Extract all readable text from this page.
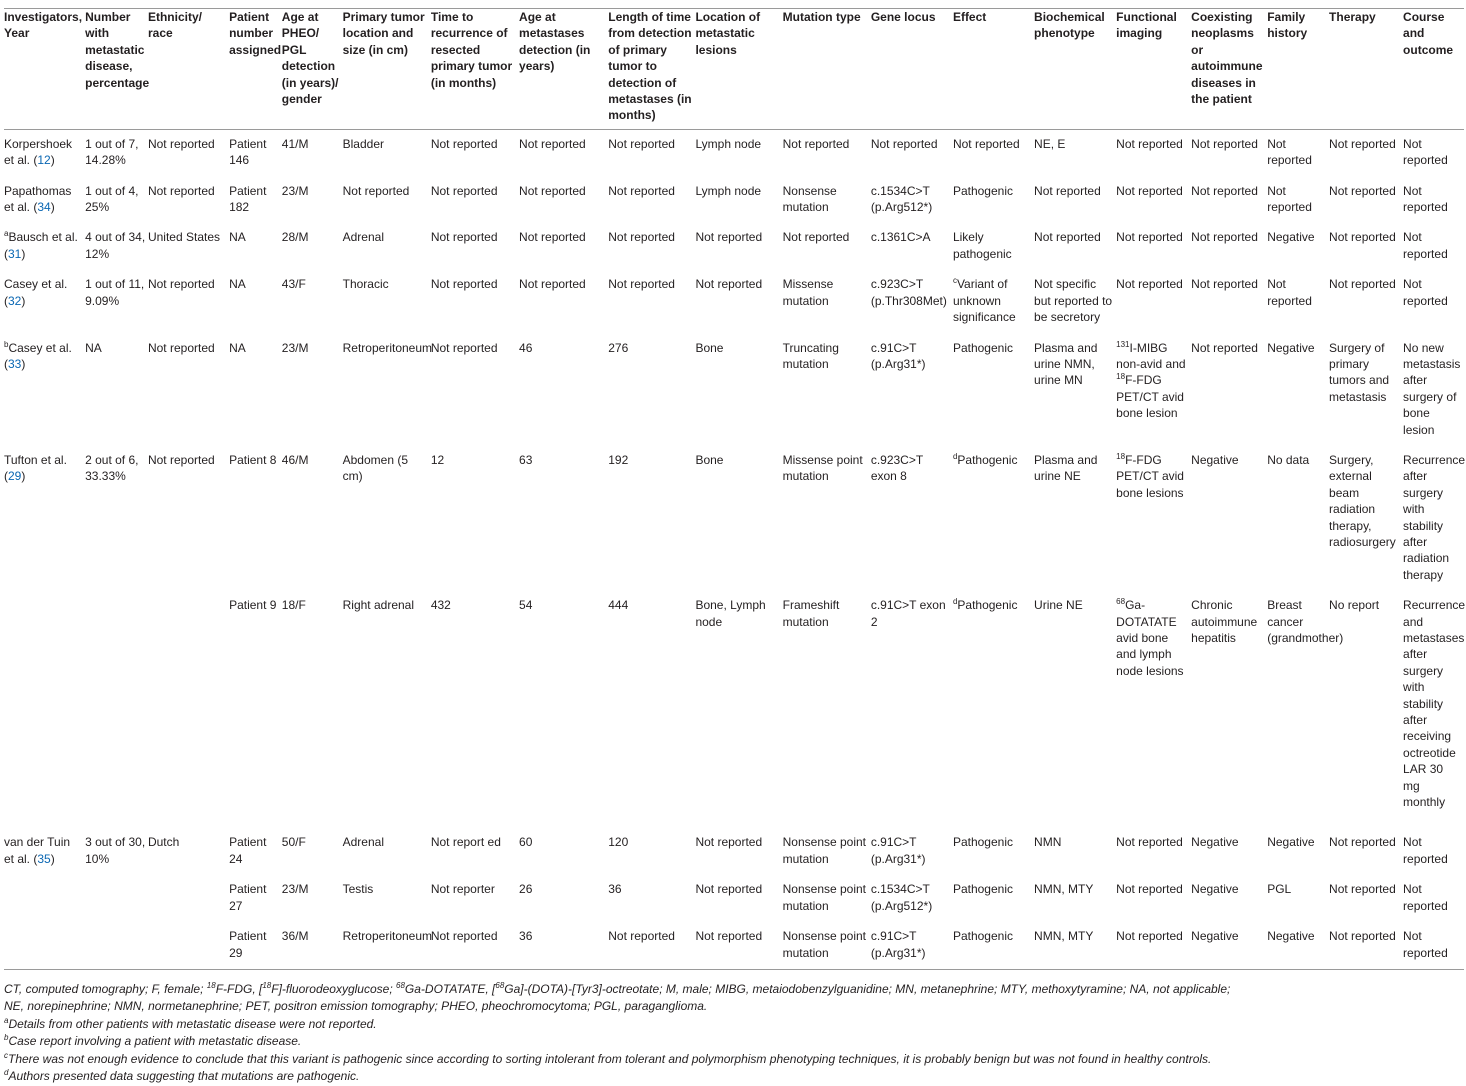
Investigators, Year	Number with metastatic disease, percentage	Ethnicity/ race	Patient number assigned	Age at PHEO/ PGL detection (in years)/ gender	Primary tumor location and size (in cm)	Time to recurrence of resected primary tumor (in months)	Age at metastases detection (in years)	Length of time from detection of primary tumor to detection of metastases (in months)	Location of metastatic lesions	Mutation type	Gene locus	Effect	Biochemical phenotype	Functional imaging	Coexisting neoplasms or autoimmune diseases in the patient	Family history	Therapy	Course and outcome
Korpershoek et al. (12)	1 out of 7, 14.28%	Not reported	Patient 146	41/M	Bladder	Not reported	Not reported	Not reported	Lymph node	Not reported	Not reported	Not reported	NE, E	Not reported	Not reported	Not reported	Not reported	Not reported
Papathomas et al. (34)	1 out of 4, 25%	Not reported	Patient 182	23/M	Not reported	Not reported	Not reported	Not reported	Lymph node	Nonsense mutation	c.1534C>T (p.Arg512*)	Pathogenic	Not reported	Not reported	Not reported	Not reported	Not reported	Not reported
$^a$Bausch et al. (31)	4 out of 34, 12%	United States	NA	28/M	Adrenal	Not reported	Not reported	Not reported	Not reported	Not reported	c.1361C>A	Likely pathogenic	Not reported	Not reported	Not reported	Negative	Not reported	Not reported
Casey et al. (32)	1 out of 11, 9.09%	Not reported	NA	43/F	Thoracic	Not reported	Not reported	Not reported	Not reported	Missense mutation	c.923C>T (p.Thr308Met)	$^c$Variant of unknown significance	Not specific but reported to be secretory	Not reported	Not reported	Not reported	Not reported	Not reported
$^b$Casey et al. (33)	NA	Not reported	NA	23/M	Retroperitoneum	Not reported	46	276	Bone	Truncating mutation	c.91C>T (p.Arg31*)	Pathogenic	Plasma and urine NMN, urine MN	$^{131}$I-MIBG non-avid and $^{18}$F-FDG PET/CT avid bone lesion	Not reported	Negative	Surgery of primary tumors and metastasis	No new metastasis after surgery of bone lesion
Tufton et al. (29)	2 out of 6, 33.33%	Not reported	Patient 8	46/M	Abdomen (5 cm)	12	63	192	Bone	Missense point mutation	c.923C>T exon 8	$^d$Pathogenic	Plasma and urine NE	$^{18}$F-FDG PET/CT avid bone lesions	Negative	No data	Surgery, external beam radiation therapy, radiosurgery	Recurrence after surgery with stability after radiation therapy
			Patient 9	18/F	Right adrenal	432	54	444	Bone, Lymph node	Frameshift mutation	c.91C>T exon 2	$^d$Pathogenic	Urine NE	$^{68}$Ga-DOTATATE avid bone and lymph node lesions	Chronic autoimmune hepatitis	Breast cancer (grandmother)	No report	Recurrence and metastases after surgery with stability after receiving octreotide LAR 30 mg monthly
van der Tuin et al. (35)	3 out of 30, 10%	Dutch	Patient 24	50/F	Adrenal	Not report ed	60	120	Not reported	Nonsense point mutation	c.91C>T (p.Arg31*)	Pathogenic	NMN	Not reported	Negative	Negative	Not reported	Not reported
			Patient 27	23/M	Testis	Not reporter	26	36	Not reported	Nonsense point mutation	c.1534C>T (p.Arg512*)	Pathogenic	NMN, MTY	Not reported	Negative	PGL	Not reported	Not reported
			Patient 29	36/M	Retroperitoneum	Not reported	36	Not reported	Not reported	Nonsense point mutation	c.91C>T (p.Arg31*)	Pathogenic	NMN, MTY	Not reported	Negative	Negative	Not reported	Not reported

CT, computed tomography; F, female; $^{18}$F-FDG, [$^{18}$F]-fluorodeoxyglucose; $^{68}$Ga-DOTATATE, [$^{68}$Ga]-(DOTA)-[Tyr3]-octreotate; M, male; MIBG, metaiodobenzylguanidine; MN, metanephrine; MTY, methoxytyramine; NA, not applicable;
NE, norepinephrine; NMN, normetanephrine; PET, positron emission tomography; PHEO, pheochromocytoma; PGL, paraganglioma.

$^a$Details from other patients with metastatic disease were not reported.

$^b$Case report involving a patient with metastatic disease.

$^c$There was not enough evidence to conclude that this variant is pathogenic since according to sorting intolerant from tolerant and polymorphism phenotyping techniques, it is probably benign but was not found in healthy controls.

$^d$Authors presented data suggesting that mutations are pathogenic.
